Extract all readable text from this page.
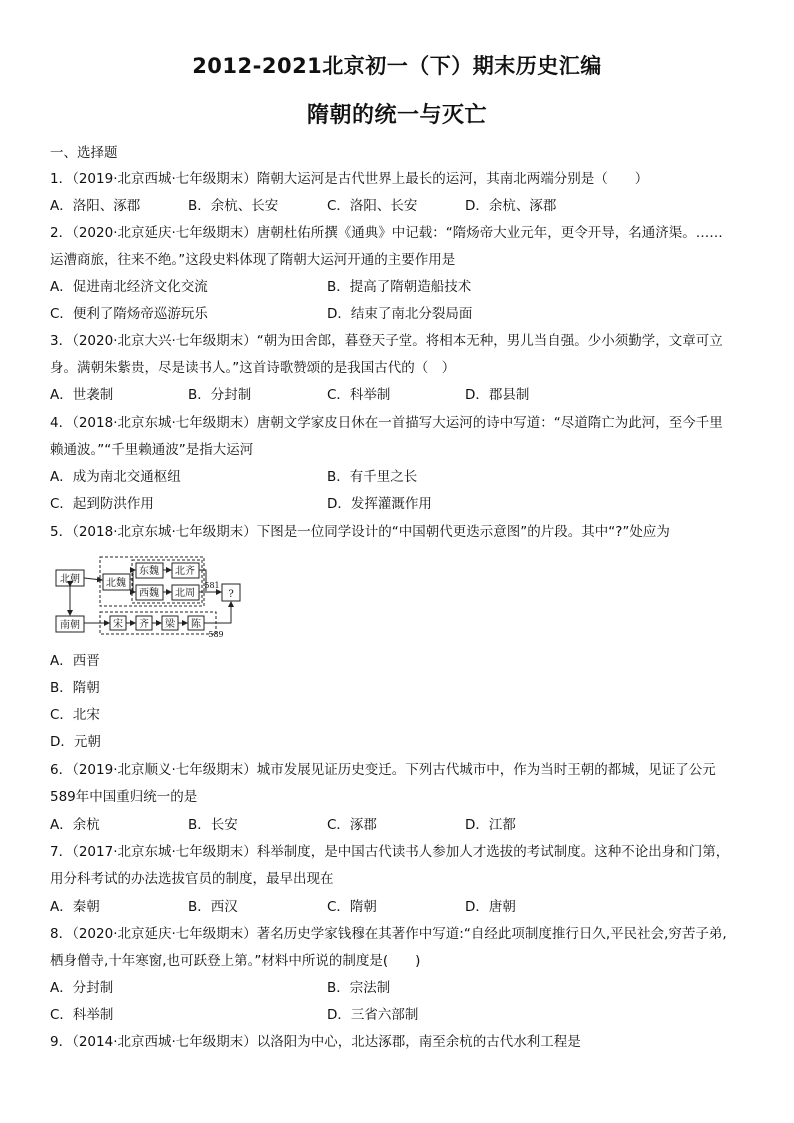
2012-2021北京初一（下）期末历史汇编
隋朝的统一与灭亡
一、选择题
1．（2019·北京西城·七年级期末）隋朝大运河是古代世界上最长的运河，其南北两端分别是（　　）
A．洛阳、涿郡	B．余杭、长安	C．洛阳、长安	D．余杭、涿郡
2．（2020·北京延庆·七年级期末）唐朝杜佑所撰《通典》中记载：“隋炀帝大业元年，更令开导，名通济渠。……
运漕商旅，往来不绝。”这段史料体现了隋朝大运河开通的主要作用是
A．促进南北经济文化交流	B．提高了隋朝造船技术
C．便利了隋炀帝巡游玩乐	D．结束了南北分裂局面
3．（2020·北京大兴·七年级期末）“朝为田舍郎，暮登天子堂。将相本无种，男儿当自强。少小须勤学，文章可立
身。满朝朱紫贵，尽是读书人。”这首诗歌赞颂的是我国古代的（　）
A．世袭制	B．分封制	C．科举制	D．郡县制
4．（2018·北京东城·七年级期末）唐朝文学家皮日休在一首描写大运河的诗中写道：“尽道隋亡为此河，至今千里
赖通波。”“千里赖通波”是指大运河
A．成为南北交通枢纽	B．有千里之长
C．起到防洪作用	D．发挥灌溉作用
5．（2018·北京东城·七年级期末）下图是一位同学设计的“中国朝代更迭示意图”的片段。其中“?”处应为
北朝	北魏
东魏 北齐
西魏 北周	?
南朝	宋 齐 梁 陈
581
589
A．西晋
B．隋朝
C．北宋
D．元朝
6．（2019·北京顺义·七年级期末）城市发展见证历史变迁。下列古代城市中，作为当时王朝的都城，见证了公元
589年中国重归统一的是
A．余杭	B．长安	C．涿郡	D．江都
7．（2017·北京东城·七年级期末）科举制度，是中国古代读书人参加人才选拔的考试制度。这种不论出身和门第，
用分科考试的办法选拔官员的制度，最早出现在
A．秦朝	B．西汉	C．隋朝	D．唐朝
8．（2020·北京延庆·七年级期末）著名历史学家钱穆在其著作中写道:“自经此项制度推行日久,平民社会,穷苦子弟,
栖身僧寺,十年寒窗,也可跃登上第。”材料中所说的制度是(　　)
A．分封制	B．宗法制
C．科举制	D．三省六部制
9．（2014·北京西城·七年级期末）以洛阳为中心，北达涿郡，南至余杭的古代水利工程是
